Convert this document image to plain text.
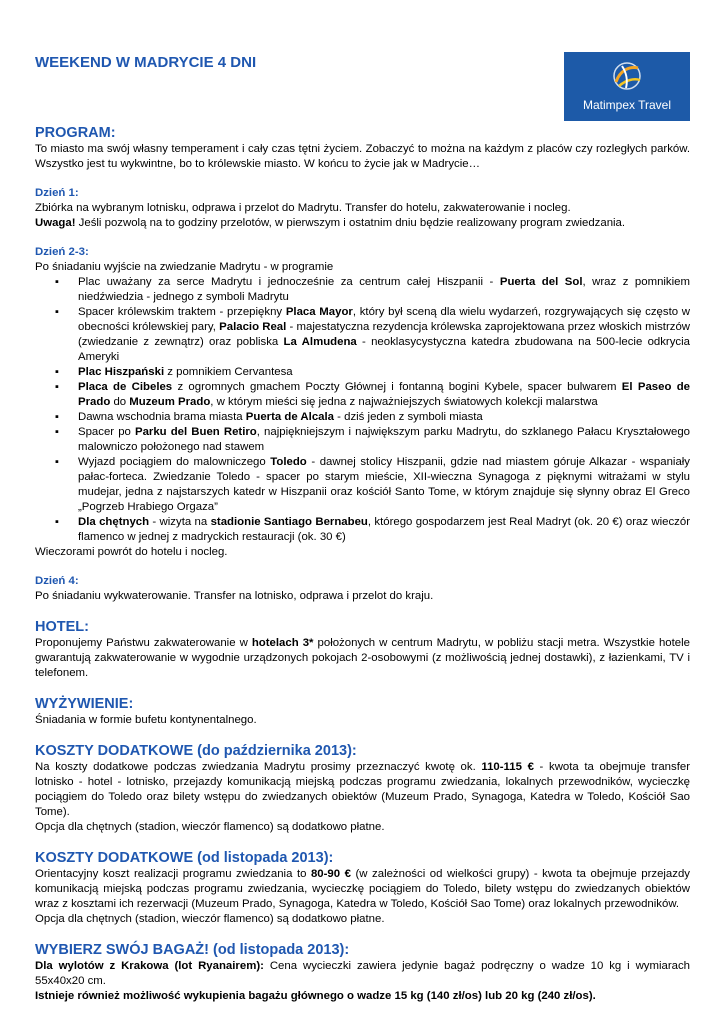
WEEKEND W MADRYCIE 4 DNI
Matimpex Travel
PROGRAM:

To miasto ma swój własny temperament i cały czas tętni życiem. Zobaczyć to można na każdym z placów czy rozległych parków. Wszystko jest tu wykwintne, bo to królewskie miasto. W końcu to życie jak w Madrycie…

Dzień 1:

Zbiórka na wybranym lotnisku, odprawa i przelot do Madrytu. Transfer do hotelu, zakwaterowanie i nocleg.

Uwaga! Jeśli pozwolą na to godziny przelotów, w pierwszym i ostatnim dniu będzie realizowany program zwiedzania.

Dzień 2-3:

Po śniadaniu wyjście na zwiedzanie Madrytu - w programie

▪ Plac uważany za serce Madrytu i jednocześnie za centrum całej Hiszpanii - Puerta del Sol, wraz z pomnikiem niedźwiedzia - jednego z symboli Madrytu
▪ Spacer królewskim traktem - przepiękny Placa Mayor, który był sceną dla wielu wydarzeń, rozgrywających się często w obecności królewskiej pary, Palacio Real - majestatyczna rezydencja królewska zaprojektowana przez włoskich mistrzów (zwiedzanie z zewnątrz) oraz pobliska La Almudena - neoklasycystyczna katedra zbudowana na 500-lecie odkrycia Ameryki
▪ Plac Hiszpański z pomnikiem Cervantesa
▪ Placa de Cibeles z ogromnych gmachem Poczty Głównej i fontanną bogini Kybele, spacer bulwarem El Paseo de Prado do Muzeum Prado, w którym mieści się jedna z najważniejszych światowych kolekcji malarstwa
▪ Dawna wschodnia brama miasta Puerta de Alcala - dziś jeden z symboli miasta
▪ Spacer po Parku del Buen Retiro, najpiękniejszym i największym parku Madrytu, do szklanego Pałacu Kryształowego malowniczo położonego nad stawem
▪ Wyjazd pociągiem do malowniczego Toledo - dawnej stolicy Hiszpanii, gdzie nad miastem góruje Alkazar - wspaniały pałac-forteca. Zwiedzanie Toledo - spacer po starym mieście, XII-wieczna Synagoga z pięknymi witrażami w stylu mudejar, jedna z najstarszych katedr w Hiszpanii oraz kościół Santo Tome, w którym znajduje się słynny obraz El Greco „Pogrzeb Hrabiego Orgaza”
▪ Dla chętnych - wizyta na stadionie Santiago Bernabeu, którego gospodarzem jest Real Madryt (ok. 20 €) oraz wieczór flamenco w jednej z madryckich restauracji (ok. 30 €)

Wieczorami powrót do hotelu i nocleg.

Dzień 4:

Po śniadaniu wykwaterowanie. Transfer na lotnisko, odprawa i przelot do kraju.

HOTEL:

Proponujemy Państwu zakwaterowanie w hotelach 3* położonych w centrum Madrytu, w pobliżu stacji metra. Wszystkie hotele gwarantują zakwaterowanie w wygodnie urządzonych pokojach 2-osobowymi (z możliwością jednej dostawki), z łazienkami, TV i telefonem.

WYŻYWIENIE:

Śniadania w formie bufetu kontynentalnego.

KOSZTY DODATKOWE (do października 2013):

Na koszty dodatkowe podczas zwiedzania Madrytu prosimy przeznaczyć kwotę ok. 110-115 € - kwota ta obejmuje transfer lotnisko - hotel - lotnisko, przejazdy komunikacją miejską podczas programu zwiedzania, lokalnych przewodników, wycieczkę pociągiem do Toledo oraz bilety wstępu do zwiedzanych obiektów (Muzeum Prado, Synagoga, Katedra w Toledo, Kościół Sao Tome).

Opcja dla chętnych (stadion, wieczór flamenco) są dodatkowo płatne.

KOSZTY DODATKOWE (od listopada 2013):

Orientacyjny koszt realizacji programu zwiedzania to 80-90 € (w zależności od wielkości grupy) - kwota ta obejmuje przejazdy komunikacją miejską podczas programu zwiedzania, wycieczkę pociągiem do Toledo, bilety wstępu do zwiedzanych obiektów wraz z kosztami ich rezerwacji (Muzeum Prado, Synagoga, Katedra w Toledo, Kościół Sao Tome) oraz lokalnych przewodników.

Opcja dla chętnych (stadion, wieczór flamenco) są dodatkowo płatne.

WYBIERZ SWÓJ BAGAŻ! (od listopada 2013):

Dla wylotów z Krakowa (lot Ryanairem): Cena wycieczki zawiera jedynie bagaż podręczny o wadze 10 kg i wymiarach 55x40x20 cm.

Istnieje również możliwość wykupienia bagażu głównego o wadze 15 kg (140 zł/os) lub 20 kg (240 zł/os).
